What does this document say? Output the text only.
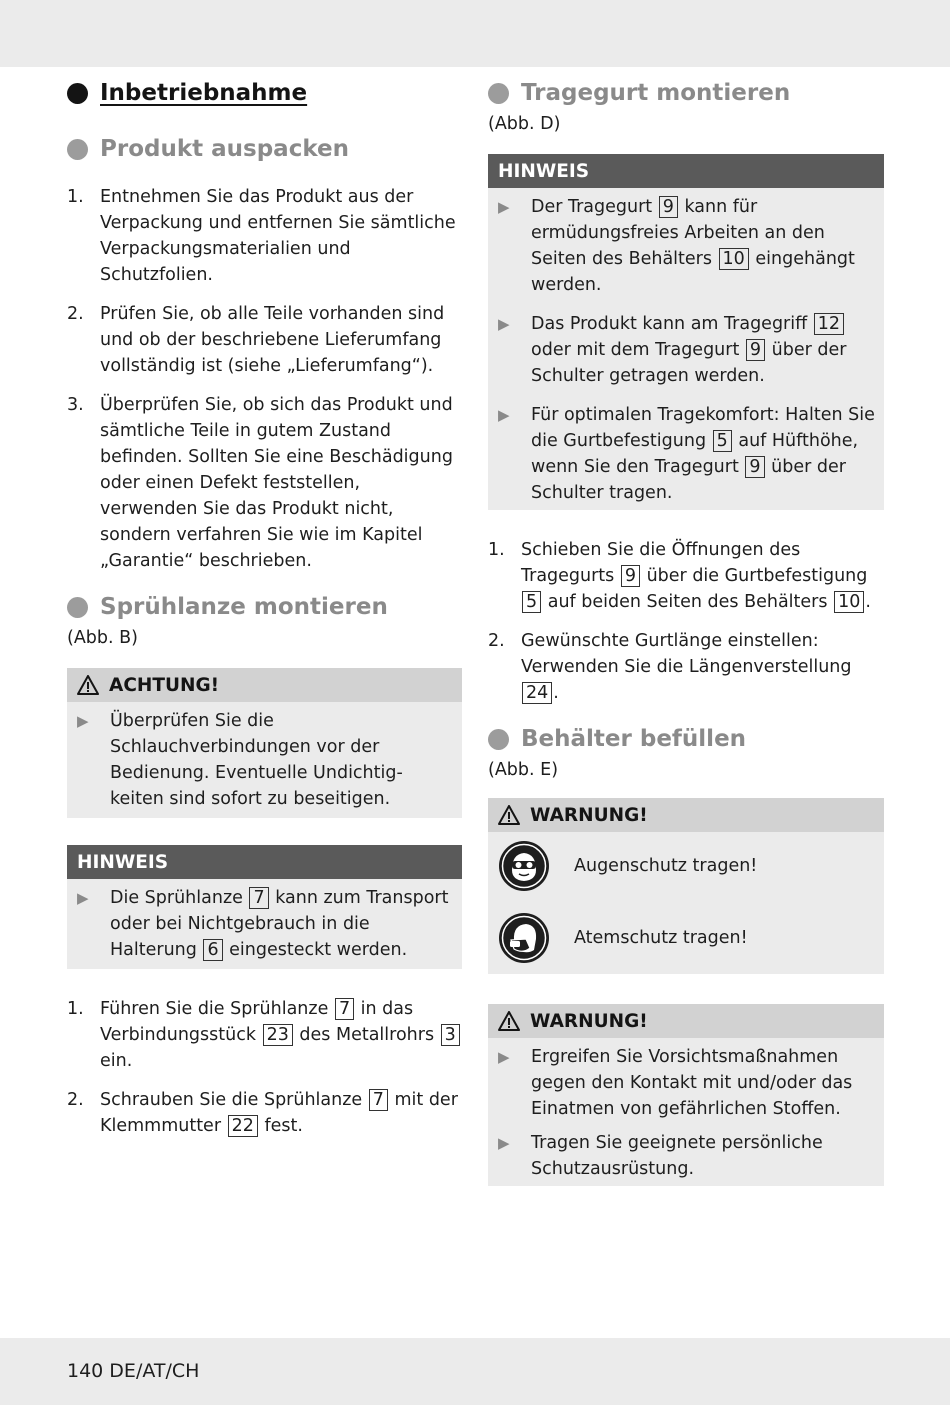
Inbetriebnahme
Produkt auspacken
1. Entnehmen Sie das Produkt aus der Verpackung und entfernen Sie sämtliche Verpackungsmaterialien und Schutzfolien.
2. Prüfen Sie, ob alle Teile vorhanden sind und ob der beschriebene Lieferumfang vollständig ist (siehe „Lieferumfang“).
3. Überprüfen Sie, ob sich das Produkt und sämtliche Teile in gutem Zustand befinden. Sollten Sie eine Beschädigung oder einen Defekt feststellen, verwenden Sie das Produkt nicht, sondern verfahren Sie wie im Kapitel „Garantie“ beschrieben.
Sprühlanze montieren
(Abb. B)
ACHTUNG!
▶	Überprüfen Sie die Schlauchverbindungen vor der Bedienung. Eventuelle Undichtig-keiten sind sofort zu beseitigen.
HINWEIS
▶	Die Sprühlanze 7 kann zum Transport oder bei Nichtgebrauch in die Halterung 6 eingesteckt werden.
1. Führen Sie die Sprühlanze 7 in das Verbindungsstück 23 des Metallrohrs 3 ein.
2. Schrauben Sie die Sprühlanze 7 mit der Klemmmutter 22 fest.
Tragegurt montieren
(Abb. D)
HINWEIS
▶	Der Tragegurt 9 kann für ermüdungsfreies Arbeiten an den Seiten des Behälters 10 eingehängt werden.
▶	Das Produkt kann am Tragegriff 12 oder mit dem Tragegurt 9 über der Schulter getragen werden.
▶	Für optimalen Tragekomfort: Halten Sie die Gurtbefestigung 5 auf Hüfthöhe, wenn Sie den Tragegurt 9 über der Schulter tragen.
1. Schieben Sie die Öffnungen des Tragegurts 9 über die Gurtbefestigung 5 auf beiden Seiten des Behälters 10 .
2. Gewünschte Gurtlänge einstellen: Verwenden Sie die Längenverstellung 24 .
Behälter befüllen
(Abb. E)
WARNUNG!
Augenschutz tragen!
Atemschutz tragen!
WARNUNG!
▶	Ergreifen Sie Vorsichtsmaßnahmen gegen den Kontakt mit und/oder das Einatmen von gefährlichen Stoffen.
▶	Tragen Sie geeignete persönliche Schutzausrüstung.
140 DE/AT/CH
